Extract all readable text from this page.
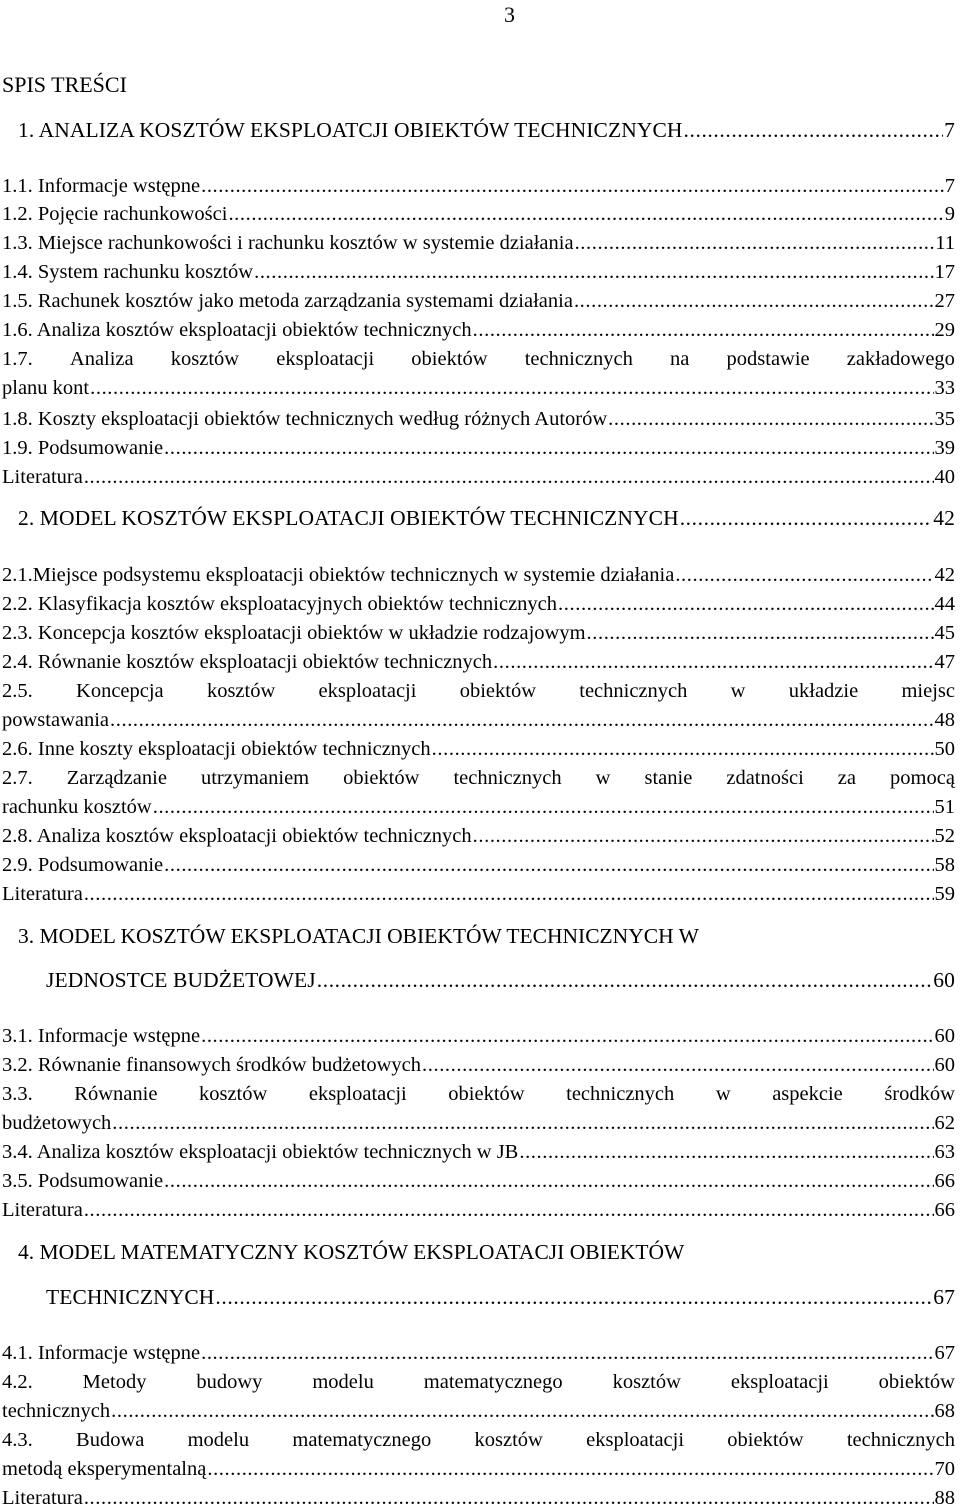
3
SPIS TREŚCI
1. ANALIZA KOSZTÓW EKSPLOATCJI OBIEKTÓW TECHNICZNYCH .....	7
1.1. Informacje wstępne .....	7
1.2. Pojęcie rachunkowości .....	9
1.3. Miejsce rachunkowości i rachunku kosztów w systemie działania .....	11
1.4. System rachunku kosztów .....	17
1.5. Rachunek kosztów jako metoda zarządzania systemami działania .....	27
1.6. Analiza kosztów eksploatacji obiektów technicznych .....	29
1.7. Analiza kosztów eksploatacji obiektów technicznych na podstawie zakładowego
planu kont .....	33
1.8. Koszty eksploatacji obiektów technicznych według różnych Autorów .....	35
1.9. Podsumowanie .....	39
Literatura .....	40
2. MODEL KOSZTÓW EKSPLOATACJI OBIEKTÓW TECHNICZNYCH .....	42
2.1.Miejsce podsystemu eksploatacji obiektów technicznych w systemie działania .....	42
2.2. Klasyfikacja kosztów eksploatacyjnych obiektów technicznych .....	44
2.3. Koncepcja kosztów eksploatacji obiektów w układzie rodzajowym .....	45
2.4. Równanie kosztów eksploatacji obiektów technicznych .....	47
2.5. Koncepcja kosztów eksploatacji obiektów technicznych w układzie miejsc
powstawania .....	48
2.6. Inne koszty eksploatacji obiektów technicznych .....	50
2.7. Zarządzanie utrzymaniem obiektów technicznych w stanie zdatności za pomocą
rachunku kosztów .....	51
2.8. Analiza kosztów eksploatacji obiektów technicznych .....	52
2.9. Podsumowanie .....	58
Literatura .....	59
3. MODEL KOSZTÓW EKSPLOATACJI OBIEKTÓW TECHNICZNYCH W
JEDNOSTCE BUDŻETOWEJ .....	60
3.1. Informacje wstępne .....	60
3.2. Równanie finansowych środków budżetowych .....	60
3.3. Równanie kosztów eksploatacji obiektów technicznych w aspekcie środków
budżetowych .....	62
3.4. Analiza kosztów eksploatacji obiektów technicznych w JB .....	63
3.5. Podsumowanie .....	66
Literatura .....	66
4. MODEL MATEMATYCZNY KOSZTÓW EKSPLOATACJI OBIEKTÓW
TECHNICZNYCH .....	67
4.1. Informacje wstępne .....	67
4.2. Metody budowy modelu matematycznego kosztów eksploatacji obiektów
technicznych .....	68
4.3. Budowa modelu matematycznego kosztów eksploatacji obiektów technicznych
metodą eksperymentalną .....	70
Literatura .....	88
